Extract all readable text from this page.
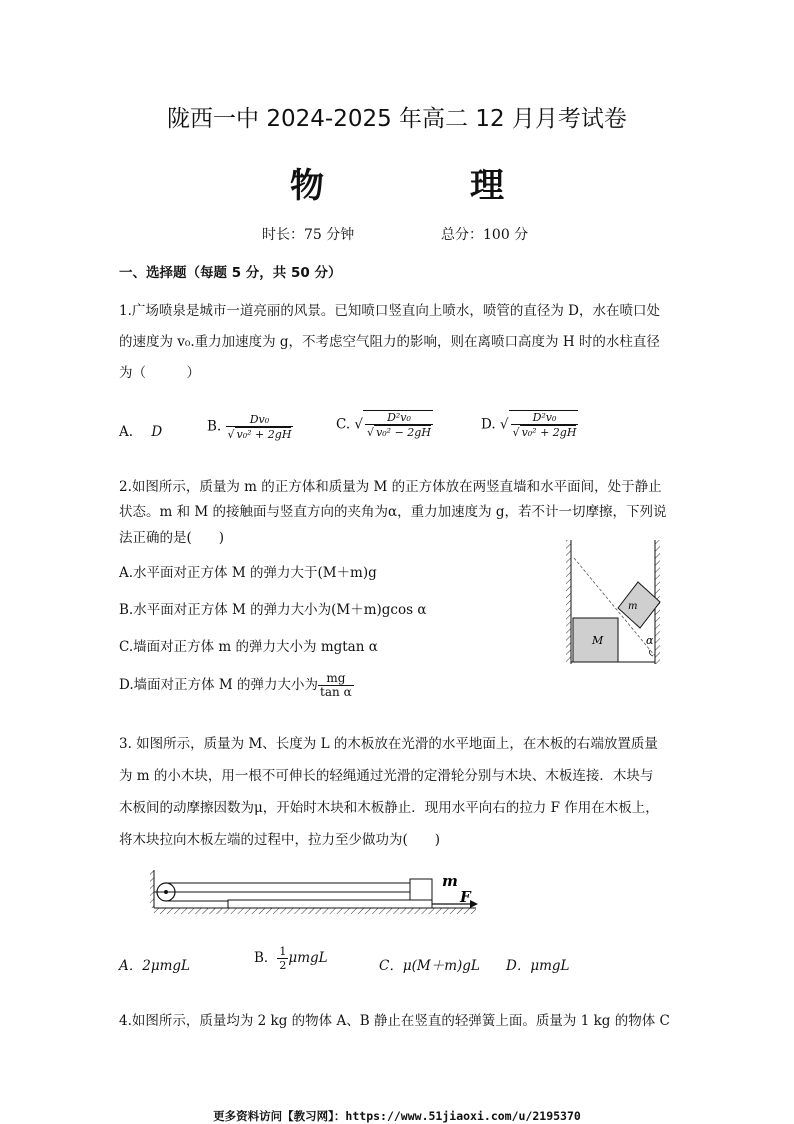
陇西一中 2024-2025 年高二 12 月月考试卷
物　理
时长：75 分钟	总分：100 分
一、选择题（每题 5 分，共 50 分）
1.广场喷泉是城市一道亮丽的风景。已知喷口竖直向上喷水，喷管的直径为 D，水在喷口处
的速度为 v₀.重力加速度为 g，不考虑空气阻力的影响，则在离喷口高度为 H 时的水柱直径
为（　　　）
A. D	B. $\frac{\text{Dv₀}}{\text{√ v₀² + 2gH}}$	C. √ $\frac{\text{D²v₀}}{\text{√ v₀² − 2gH}}$	D. √ $\frac{\text{D²v₀}}{\text{√ v₀² + 2gH}}$
2.如图所示，质量为 m 的正方体和质量为 M 的正方体放在两竖直墙和水平面间，处于静止
状态。m 和 M 的接触面与竖直方向的夹角为α，重力加速度为 g，若不计一切摩擦，下列说
法正确的是(　　)
A.水平面对正方体 M 的弹力大于(M＋m)g
B.水平面对正方体 M 的弹力大小为(M＋m)gcos α
C.墙面对正方体 m 的弹力大小为 mgtan α
D.墙面对正方体 M 的弹力大小为 $\frac{mg}{\text{tan α}}$
M
m
α
3. 如图所示，质量为 M、长度为 L 的木板放在光滑的水平地面上，在木板的右端放置质量
为 m 的小木块，用一根不可伸长的轻绳通过光滑的定滑轮分别与木块、木板连接．木块与
木板间的动摩擦因数为μ，开始时木块和木板静止．现用水平向右的拉力 F 作用在木板上，
将木块拉向木板左端的过程中，拉力至少做功为(　　)
m
F
A．2μmgL	B． $\frac{1}{2}$ μmgL	C．μ(M＋m)gL D．μmgL
4.如图所示，质量均为 2 kg 的物体 A、B 静止在竖直的轻弹簧上面。质量为 1 kg 的物体 C
更多资料访问【教习网】：https://www.51jiaoxi.com/u/2195370
